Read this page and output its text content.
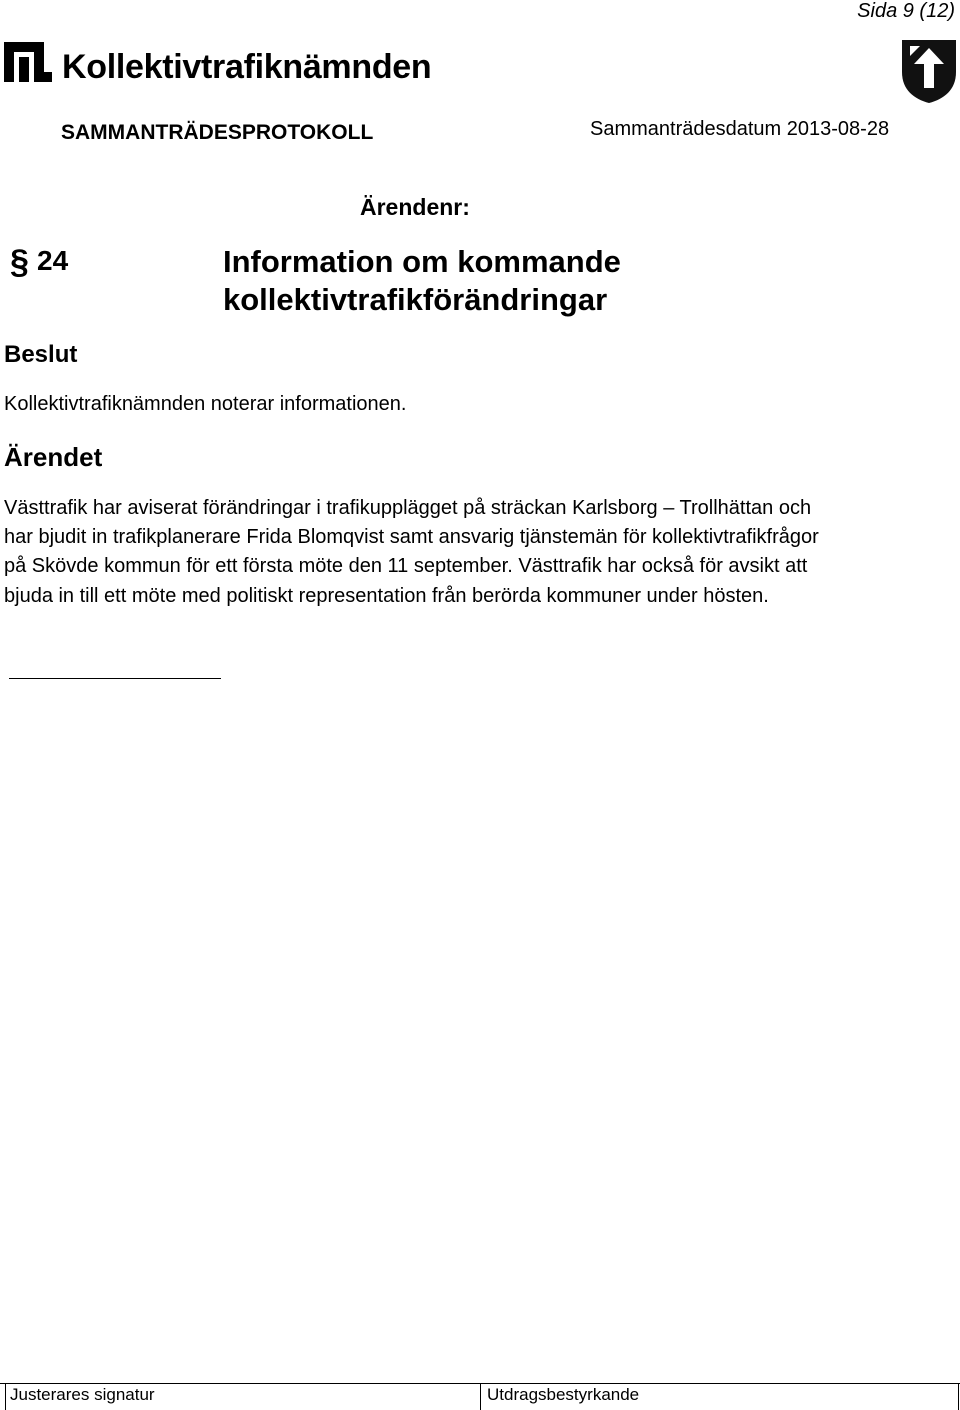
Sida 9 (12)
Kollektivtrafiknämnden
SAMMANTRÄDESPROTOKOLL	Sammanträdesdatum 2013-08-28
Ärendenr:
§ 24	Information om kommande kollektivtrafikförändringar
Beslut
Kollektivtrafiknämnden noterar informationen.
Ärendet
Västtrafik har aviserat förändringar i trafikupplägget på sträckan Karlsborg – Trollhättan och har bjudit in trafikplanerare Frida Blomqvist samt ansvarig tjänstemän för kollektivtrafikfrågor på Skövde kommun för ett första möte den 11 september. Västtrafik har också för avsikt att bjuda in till ett möte med politiskt representation från berörda kommuner under hösten.
Justerares signatur	Utdragsbestyrkande
